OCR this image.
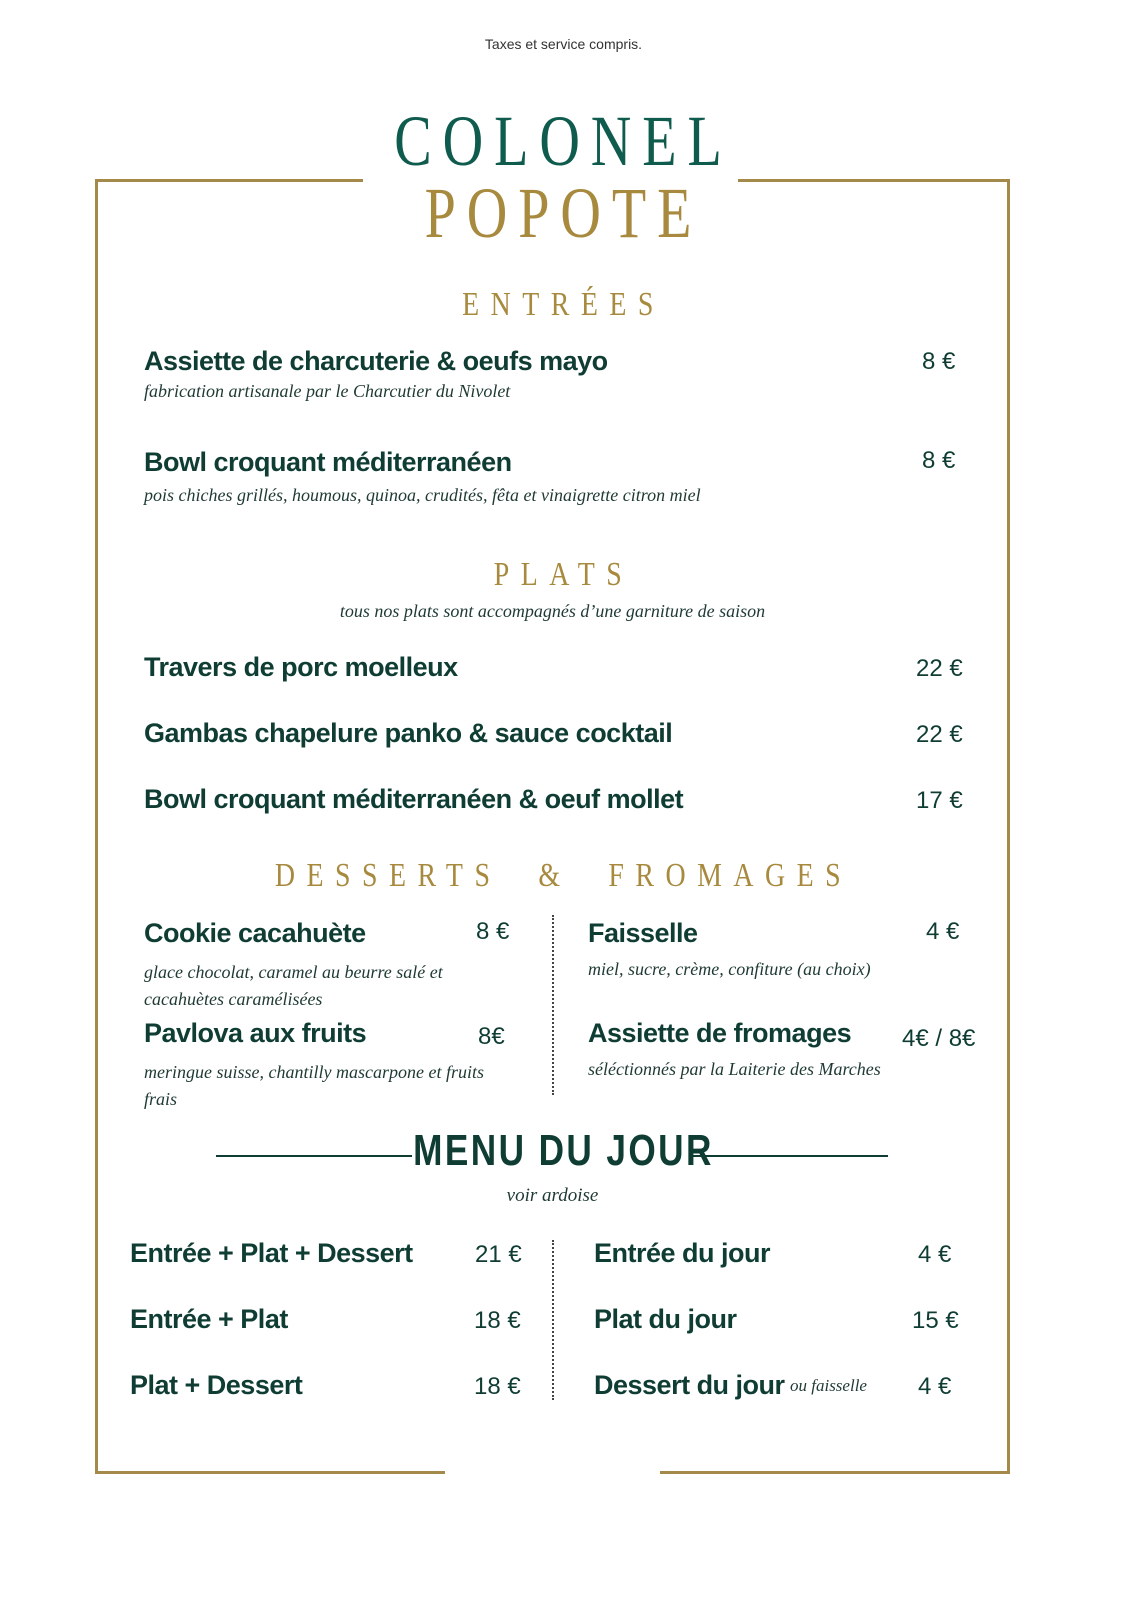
Taxes et service compris.
COLONEL
POPOTE
ENTRÉES
Assiette de charcuterie & oeufs mayo	8 €
fabrication artisanale par le Charcutier du Nivolet
Bowl croquant méditerranéen	8 €
pois chiches grillés, houmous, quinoa, crudités, fêta et vinaigrette citron miel
PLATS
tous nos plats sont accompagnés d’une garniture de saison
Travers de porc moelleux	22 €
Gambas chapelure panko & sauce cocktail	22 €
Bowl croquant méditerranéen & oeuf mollet	17 €
DESSERTS  &  FROMAGES
Cookie cacahuète	8 €
glace chocolat, caramel au beurre salé et cacahuètes caramélisées
Pavlova aux fruits	8€
meringue suisse, chantilly mascarpone et fruits frais
Faisselle	4 €
miel, sucre, crème, confiture (au choix)
Assiette de fromages 4€ / 8€
séléctionnés par la Laiterie des Marches
MENU DU JOUR
voir ardoise
Entrée + Plat + Dessert	21 €
Entrée + Plat	18 €
Plat + Dessert	18 €
Entrée du jour	4 €
Plat du jour	15 €
Dessert du jour ou faisselle 4 €
